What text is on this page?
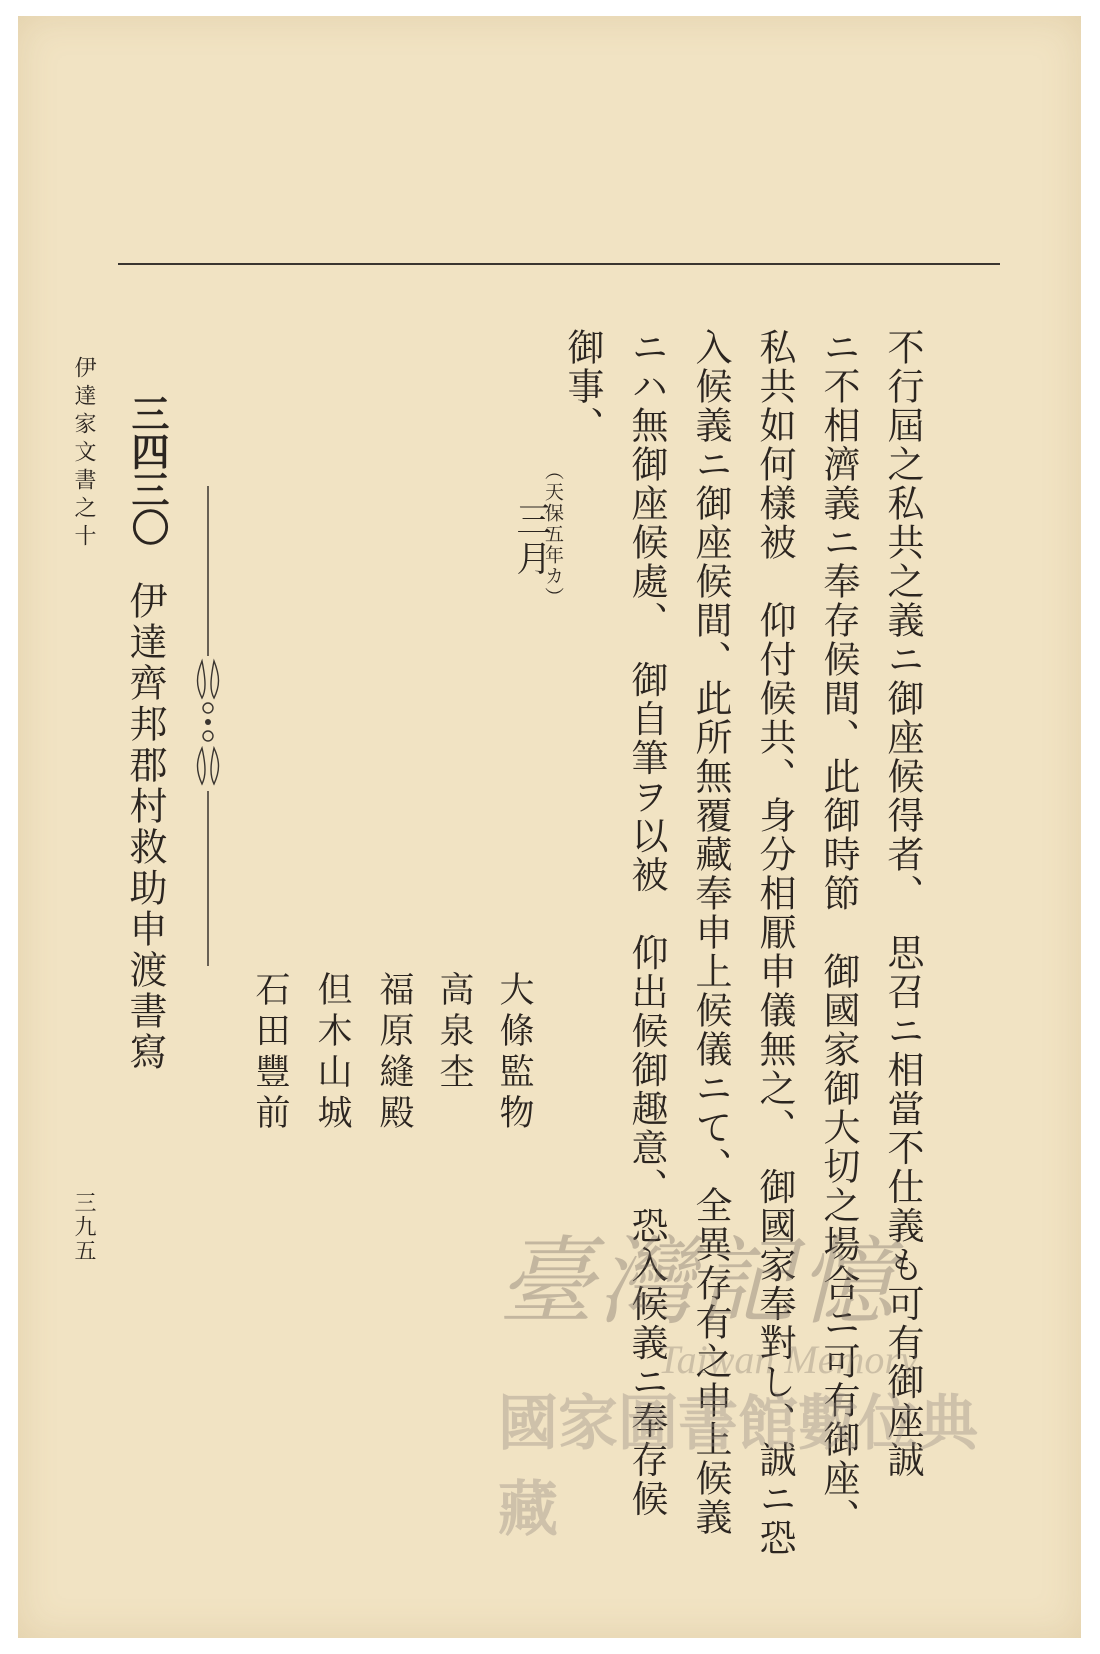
伊達家文書之十
三九五
三四三〇
伊達齊邦郡村救助申渡書寫	大條監物
高泉杢
福原縫殿
但木山城
石田豐前
（天保五年カ）
三月	不行屆之私共之義ニ御座候得者、　思召ニ相當不仕義も可有御座誠
ニ不相濟義ニ奉存候間、此御時節　御國家御大切之場合ニ可有御座、
私共如何樣被　仰付候共、身分相厭申儀無之、　御國家奉對し、誠ニ恐
入候義ニ御座候間、此所無覆藏奉申上候儀ニて、全異存有之申上候義
ニハ無御座候處、　御自筆ヲ以被　仰出候御趣意、恐入候義ニ奉存候
御事、
臺灣記憶
Taiwan Memory
國家圖書館數位典藏
